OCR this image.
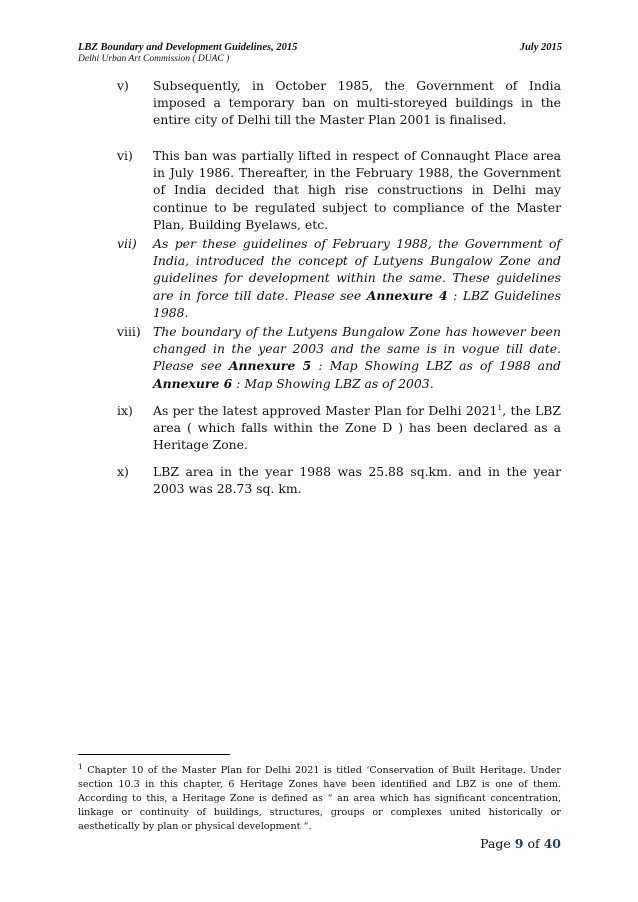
LBZ Boundary and Development Guidelines, 2015
Delhi Urban Art Commission ( DUAC )
July 2015
v)	Subsequently, in October 1985, the Government of India imposed a temporary ban on multi-storeyed buildings in the entire city of Delhi till the Master Plan 2001 is finalised.
vi)	This ban was partially lifted in respect of Connaught Place area in July 1986. Thereafter, in the February 1988, the Government of India decided that high rise constructions in Delhi may continue to be regulated subject to compliance of the Master Plan, Building Byelaws, etc.
vii)	As per these guidelines of February 1988, the Government of India, introduced the concept of Lutyens Bungalow Zone and guidelines for development within the same. These guidelines are in force till date. Please see Annexure 4 : LBZ Guidelines 1988.
viii) The boundary of the Lutyens Bungalow Zone has however been changed in the year 2003 and the same is in vogue till date. Please see Annexure 5 : Map Showing LBZ as of 1988 and Annexure 6 : Map Showing LBZ as of 2003.
ix)	As per the latest approved Master Plan for Delhi 2021$^1$, the LBZ area ( which falls within the Zone D ) has been declared as a Heritage Zone.
x)	LBZ area in the year 1988 was 25.88 sq.km. and in the year 2003 was 28.73 sq. km.
$^1$ Chapter 10 of the Master Plan for Delhi 2021 is titled ‘Conservation of Built Heritage. Under section 10.3 in this chapter, 6 Heritage Zones have been identified and LBZ is one of them. According to this, a Heritage Zone is defined as “ an area which has significant concentration, linkage or continuity of buildings, structures, groups or complexes united historically or aesthetically by plan or physical development “.
Page 9 of 40
